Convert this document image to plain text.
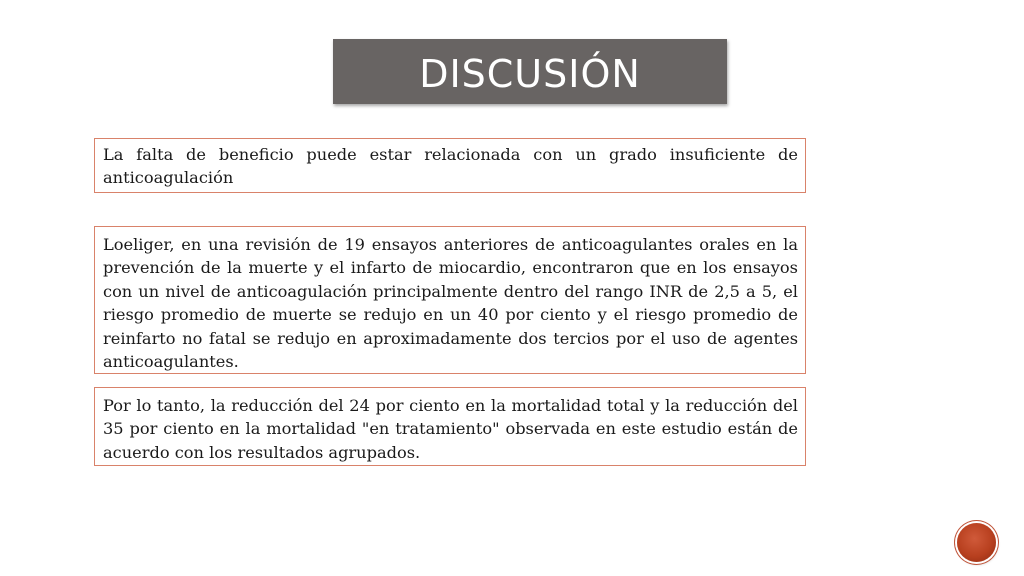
DISCUSIÓN
La falta de beneficio puede estar relacionada con un grado insuficiente de anticoagulación
Loeliger, en una revisión de 19 ensayos anteriores de anticoagulantes orales en la prevención de la muerte y el infarto de miocardio, encontraron que en los ensayos con un nivel de anticoagulación principalmente dentro del rango INR de 2,5 a 5, el riesgo promedio de muerte se redujo en un 40 por ciento y el riesgo promedio de reinfarto no fatal se redujo en aproximadamente dos tercios por el uso de agentes anticoagulantes.
Por lo tanto, la reducción del 24 por ciento en la mortalidad total y la reducción del 35 por ciento en la mortalidad "en tratamiento" observada en este estudio están de acuerdo con los resultados agrupados.
